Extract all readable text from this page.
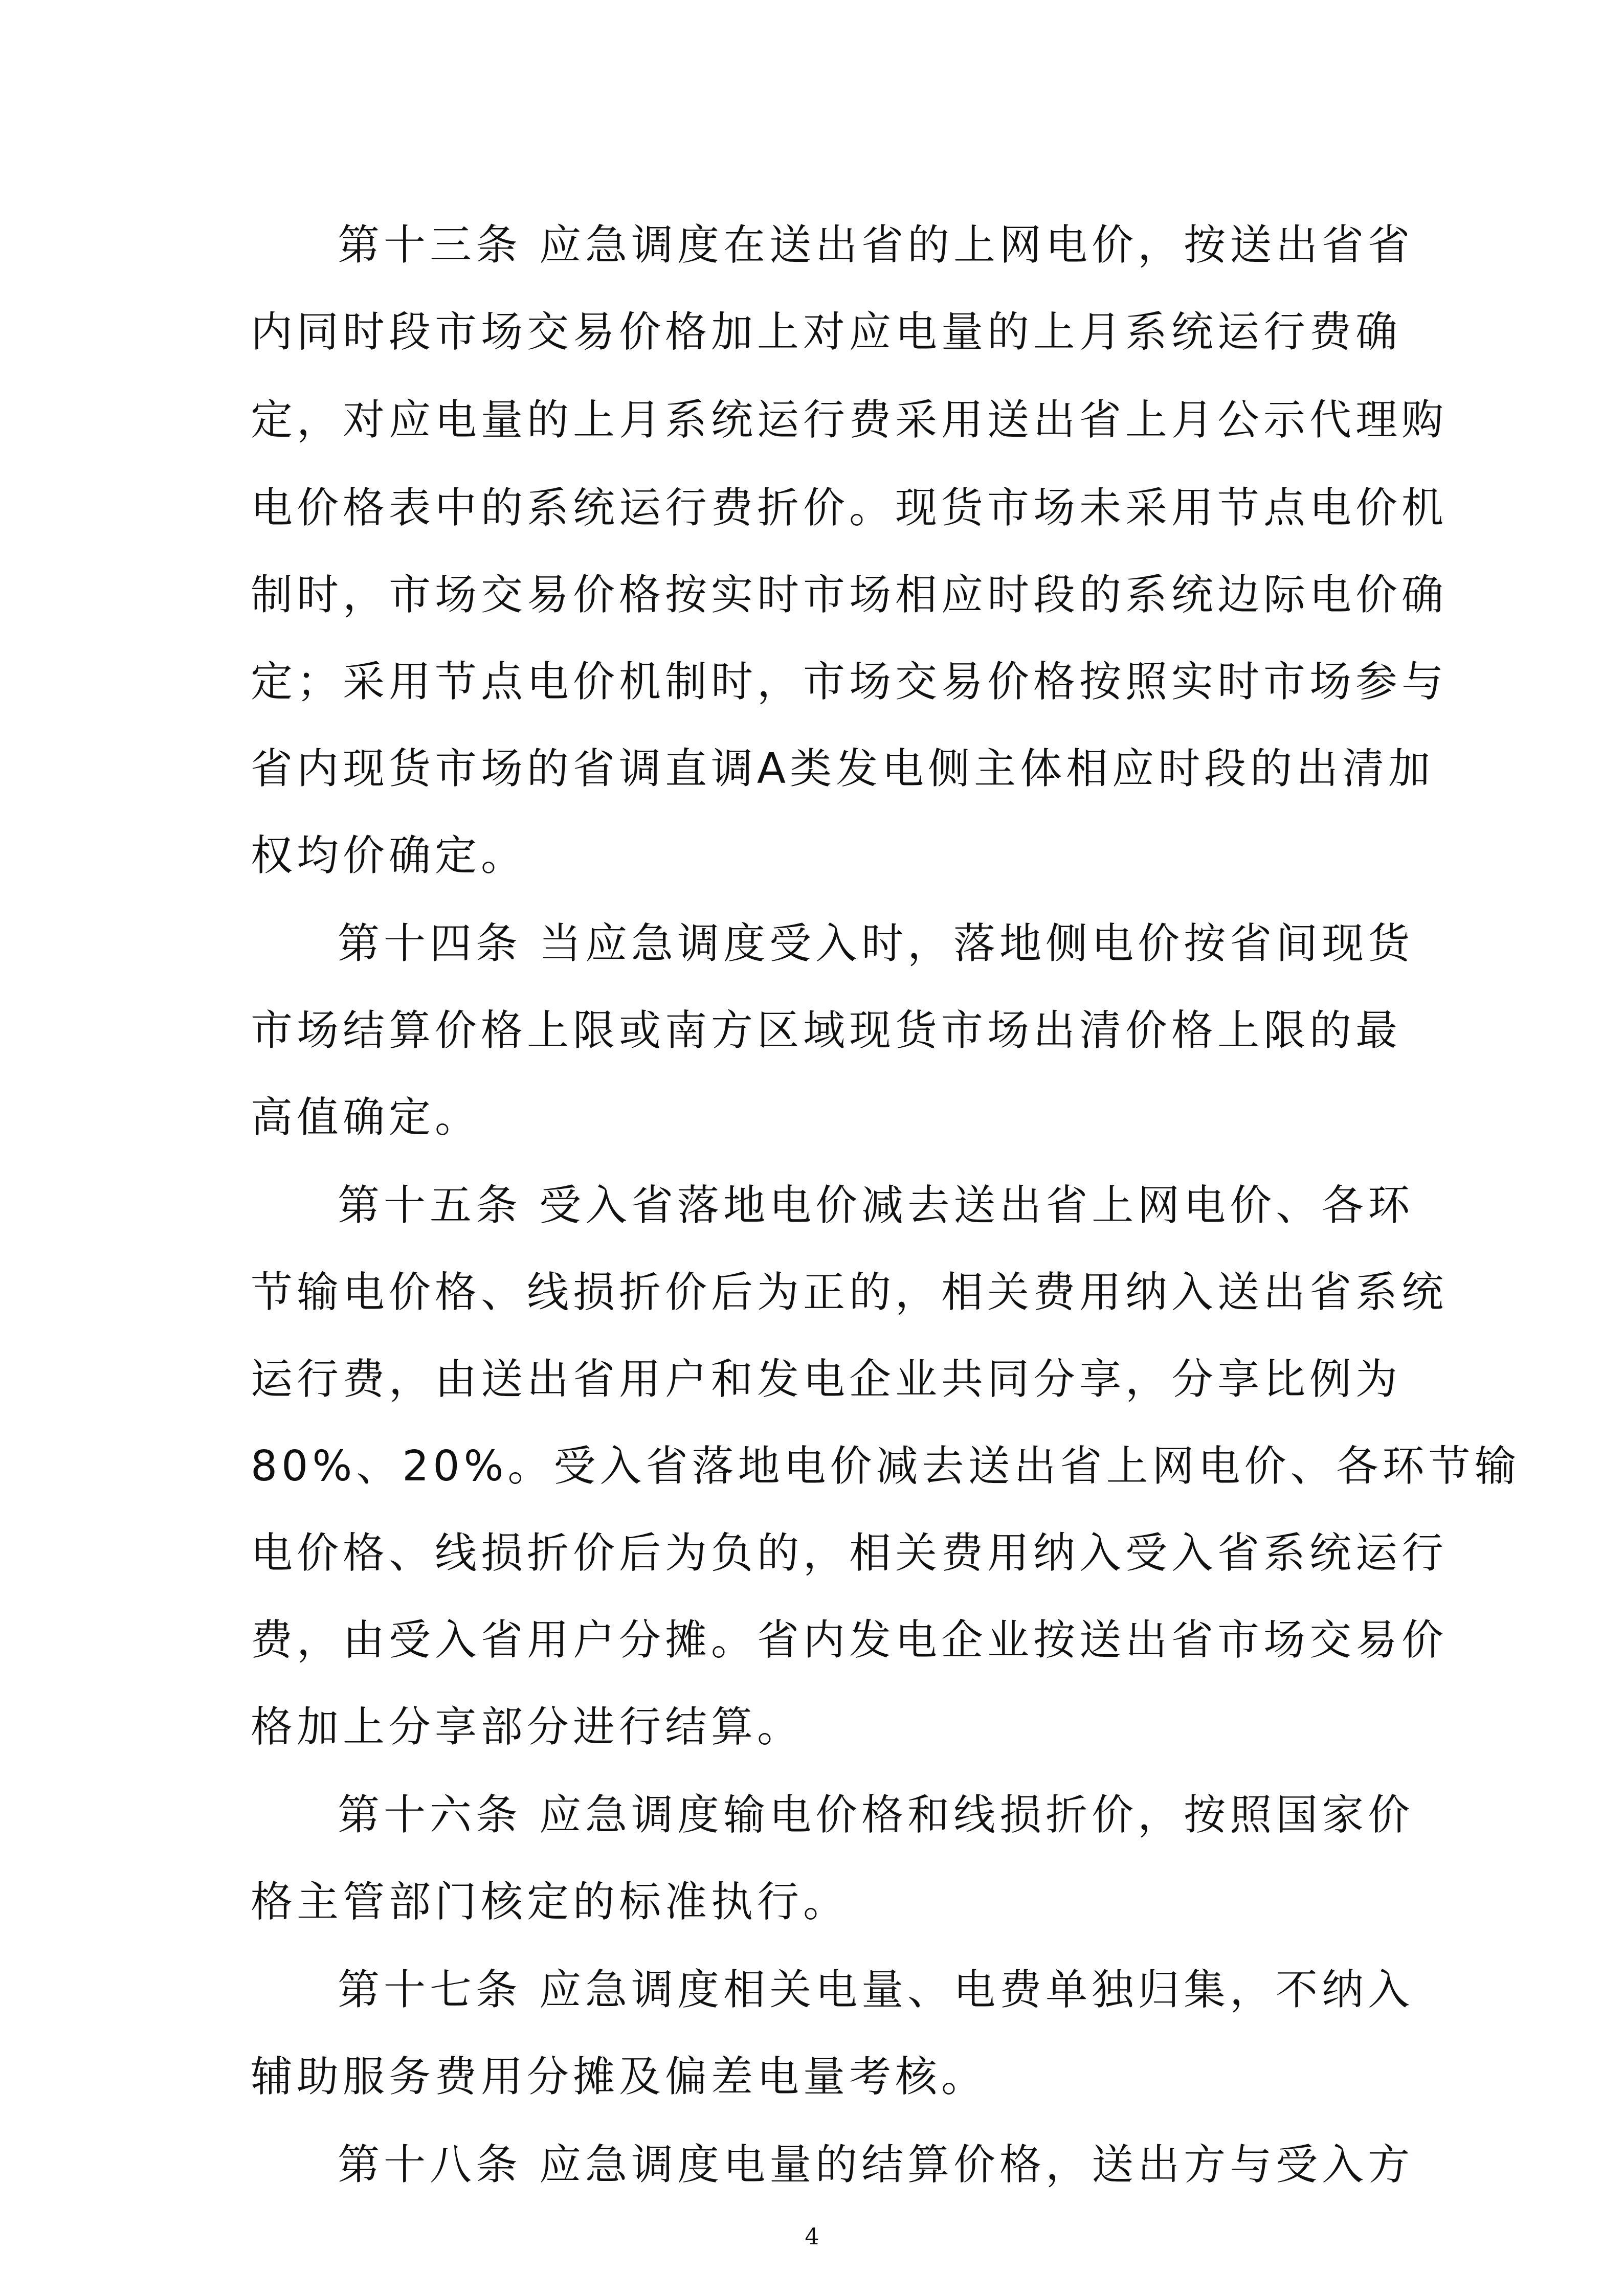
第十三条 应急调度在送出省的上网电价，按送出省省
内同时段市场交易价格加上对应电量的上月系统运行费确
定，对应电量的上月系统运行费采用送出省上月公示代理购
电价格表中的系统运行费折价。现货市场未采用节点电价机
制时，市场交易价格按实时市场相应时段的系统边际电价确
定；采用节点电价机制时，市场交易价格按照实时市场参与
省内现货市场的省调直调A类发电侧主体相应时段的出清加
权均价确定。
第十四条 当应急调度受入时，落地侧电价按省间现货
市场结算价格上限或南方区域现货市场出清价格上限的最
高值确定。
第十五条 受入省落地电价减去送出省上网电价、各环
节输电价格、线损折价后为正的，相关费用纳入送出省系统
运行费，由送出省用户和发电企业共同分享，分享比例为
80%、20%。受入省落地电价减去送出省上网电价、各环节输
电价格、线损折价后为负的，相关费用纳入受入省系统运行
费，由受入省用户分摊。省内发电企业按送出省市场交易价
格加上分享部分进行结算。
第十六条 应急调度输电价格和线损折价，按照国家价
格主管部门核定的标准执行。
第十七条 应急调度相关电量、电费单独归集，不纳入
辅助服务费用分摊及偏差电量考核。
第十八条 应急调度电量的结算价格，送出方与受入方
4
